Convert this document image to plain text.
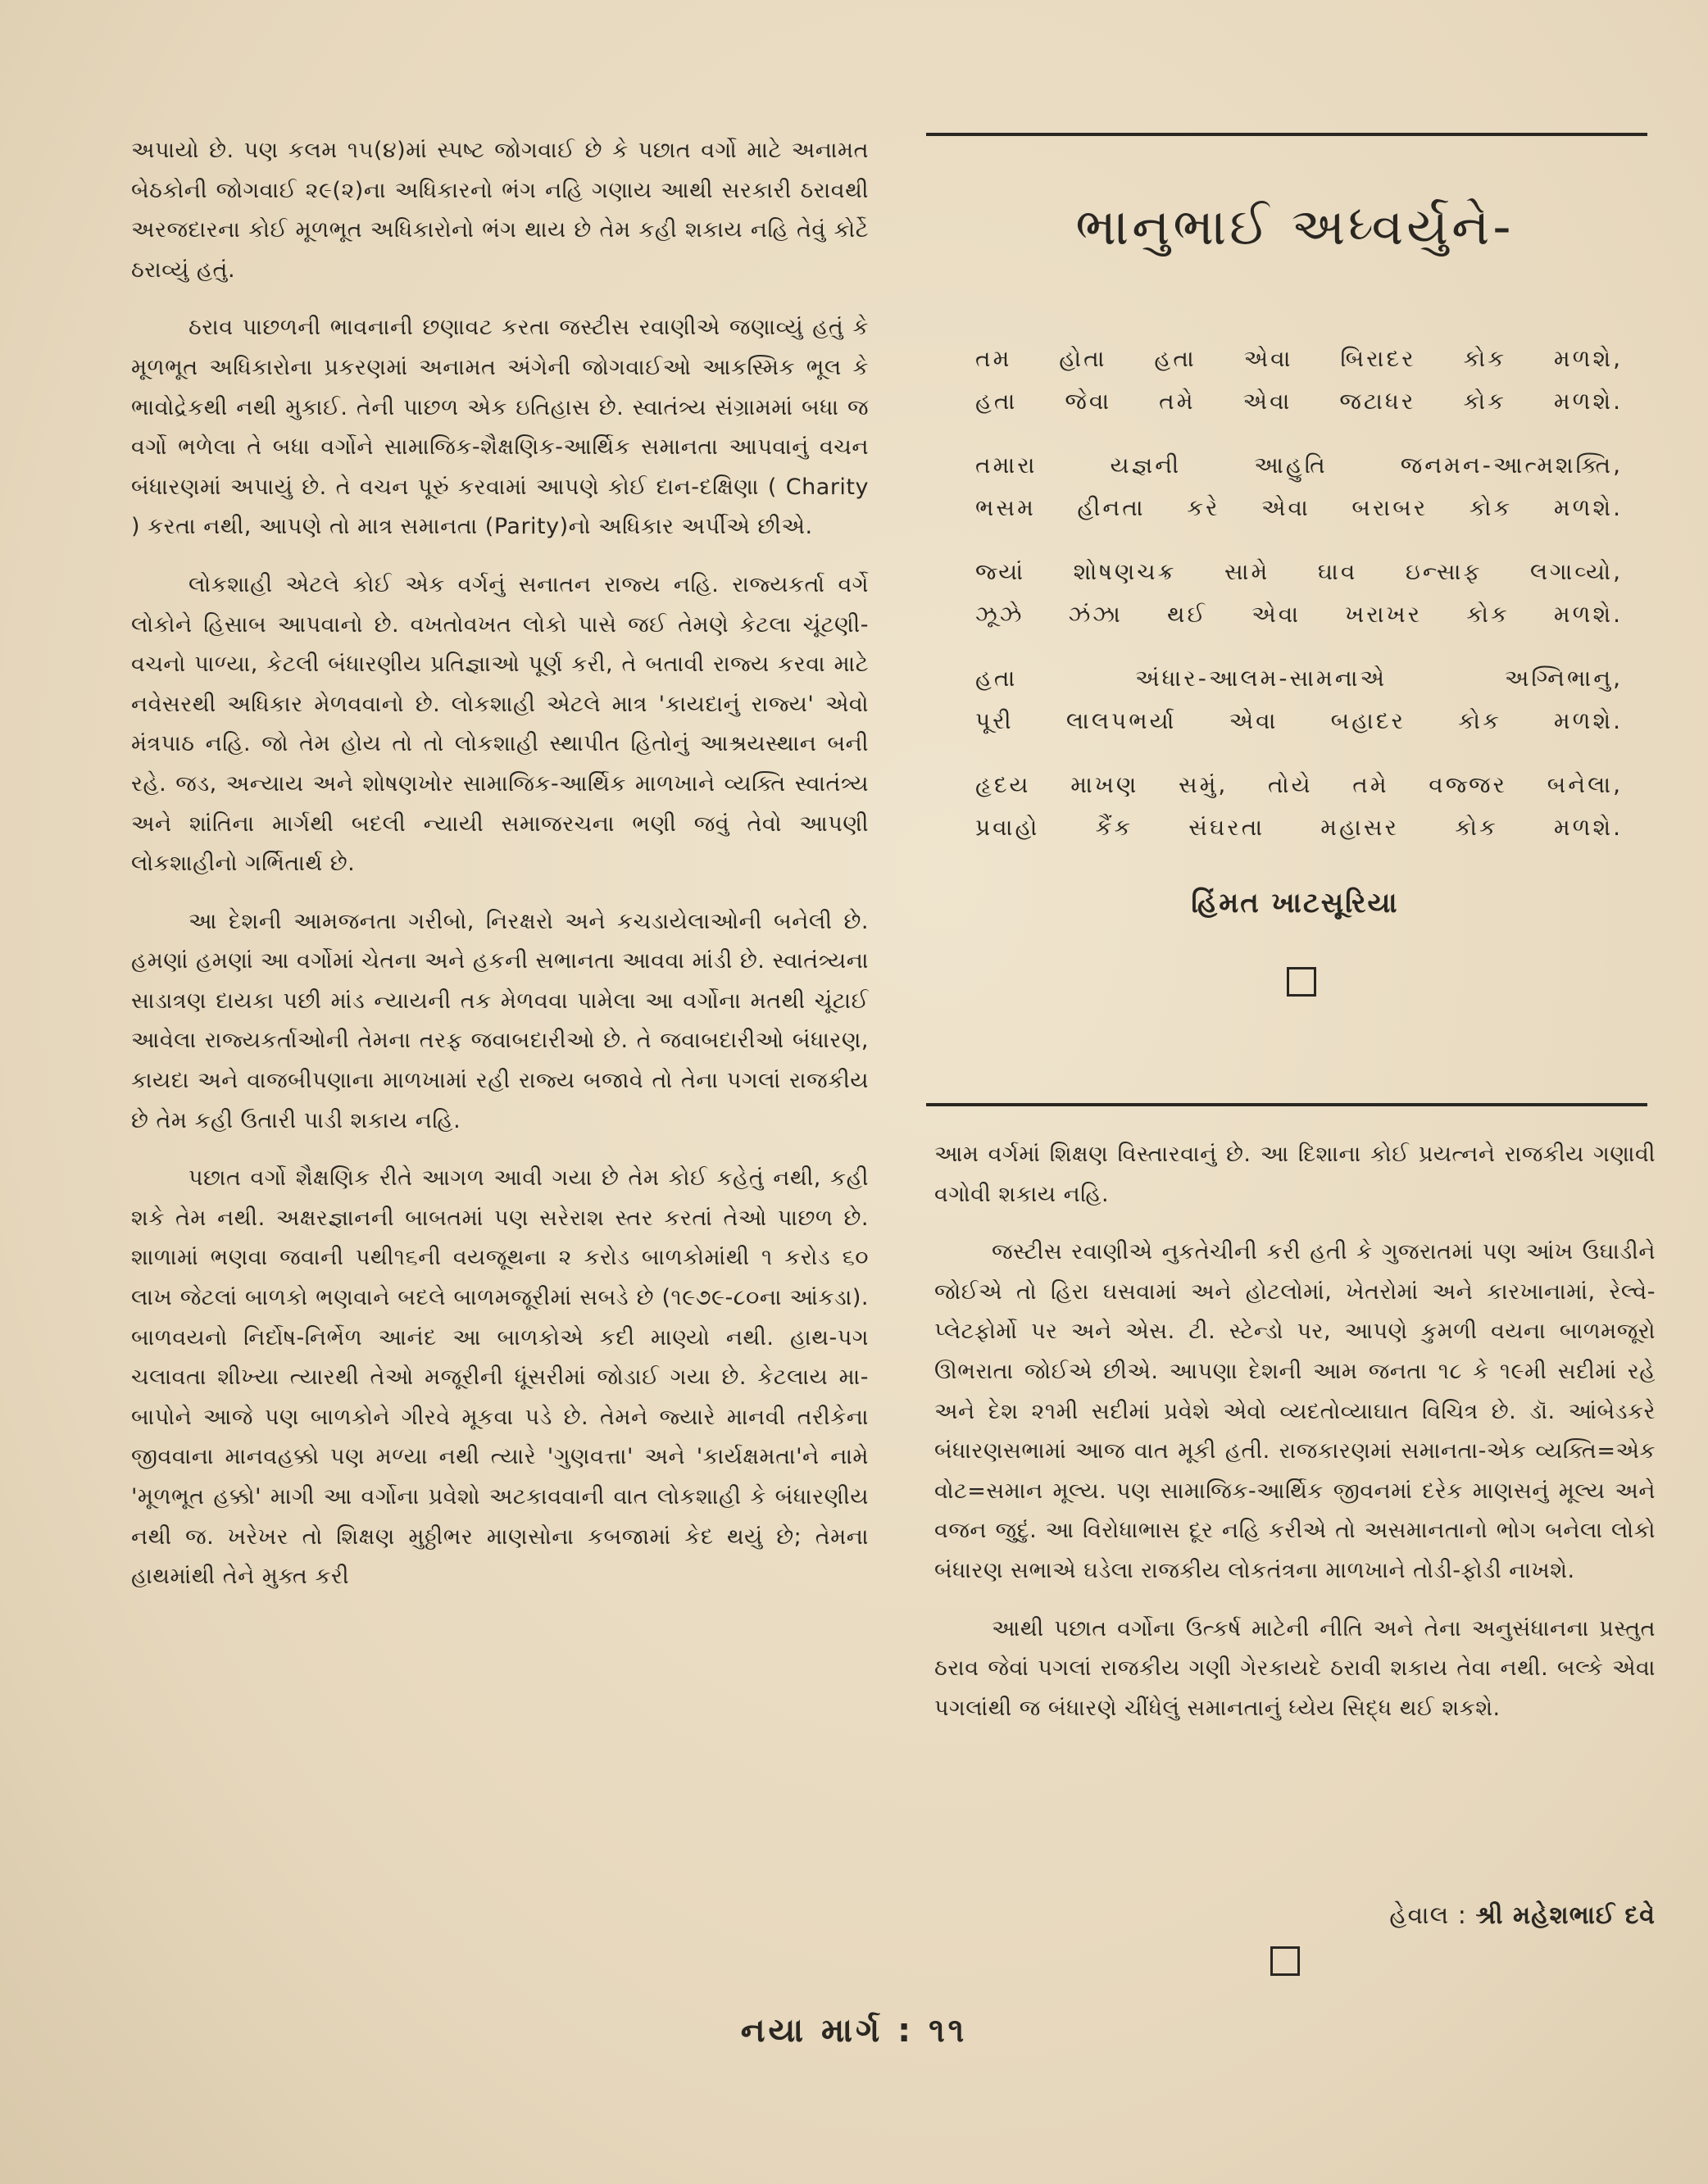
અપાયો છે. પણ કલમ ૧૫(૪)માં સ્પષ્ટ જોગવાઈ છે કે પછાત વર્ગો માટે અનામત બેઠકોની જોગવાઈ ૨૯(૨)ના અધિકારનો ભંગ નહિ ગણાય આથી સરકારી ઠરાવથી અરજદારના કોઈ મૂળભૂત અધિકારોનો ભંગ થાય છે તેમ કહી શકાય નહિ તેવું કોર્ટે ઠરાવ્યું હતું.

ઠરાવ પાછળની ભાવનાની છણાવટ કરતા જસ્ટીસ રવાણીએ જણાવ્યું હતું કે મૂળભૂત અધિકારોના પ્રકરણમાં અનામત અંગેની જોગવાઈઓ આકસ્મિક ભૂલ કે ભાવોદ્રેકથી નથી મુકાઈ. તેની પાછળ એક ઇતિહાસ છે. સ્વાતંત્ર્ય સંગ્રામમાં બધા જ વર્ગો ભળેલા તે બધા વર્ગોને સામાજિક-શૈક્ષણિક-આર્થિક સમાનતા આપવાનું વચન બંધારણમાં અપાયું છે. તે વચન પૂરું કરવામાં આપણે કોઈ દાન-દક્ષિણા ( Charity ) કરતા નથી, આપણે તો માત્ર સમાનતા (Parity)નો અધિકાર અર્પીએ છીએ.

લોકશાહી એટલે કોઈ એક વર્ગનું સનાતન રાજ્ય નહિ. રાજ્યકર્તા વર્ગે લોકોને હિસાબ આપવાનો છે. વખતોવખત લોકો પાસે જઈ તેમણે કેટલા ચૂંટણી-વચનો પાળ્યા, કેટલી બંધારણીય પ્રતિજ્ઞાઓ પૂર્ણ કરી, તે બતાવી રાજ્ય કરવા માટે નવેસરથી અધિકાર મેળવવાનો છે. લોકશાહી એટલે માત્ર 'કાયદાનું રાજ્ય' એવો મંત્રપાઠ નહિ. જો તેમ હોય તો તો લોકશાહી સ્થાપીત હિતોનું આશ્રયસ્થાન બની રહે. જડ, અન્યાય અને શોષણખોર સામાજિક-આર્થિક માળખાને વ્યક્તિ સ્વાતંત્ર્ય અને શાંતિના માર્ગથી બદલી ન્યાયી સમાજરચના ભણી જવું તેવો આપણી લોકશાહીનો ગર્ભિતાર્થ છે.

આ દેશની આમજનતા ગરીબો, નિરક્ષરો અને કચડાયેલાઓની બનેલી છે. હમણાં હમણાં આ વર્ગોમાં ચેતના અને હકની સભાનતા આવવા માંડી છે. સ્વાતંત્ર્યના સાડાત્રણ દાયકા પછી માંડ ન્યાયની તક મેળવવા પામેલા આ વર્ગોના મતથી ચૂંટાઈ આવેલા રાજ્યકર્તાઓની તેમના તરફ જવાબદારીઓ છે. તે જવાબદારીઓ બંધારણ, કાયદા અને વાજબીપણાના માળખામાં રહી રાજ્ય બજાવે તો તેના પગલાં રાજકીય છે તેમ કહી ઉતારી પાડી શકાય નહિ.

પછાત વર્ગો શૈક્ષણિક રીતે આગળ આવી ગયા છે તેમ કોઈ કહેતું નથી, કહી શકે તેમ નથી. અક્ષરજ્ઞાનની બાબતમાં પણ સરેરાશ સ્તર કરતાં તેઓ પાછળ છે. શાળામાં ભણવા જવાની પથી૧૬ની વયજૂથના ૨ કરોડ બાળકોમાંથી ૧ કરોડ ૬૦ લાખ જેટલાં બાળકો ભણવાને બદલે બાળમજૂરીમાં સબડે છે (૧૯૭૯-૮૦ના આંકડા). બાળવયનો નિર્દોષ-નિર્ભેળ આનંદ આ બાળકોએ કદી માણ્યો નથી. હાથ-પગ ચલાવતા શીખ્યા ત્યારથી તેઓ મજૂરીની ધૂંસરીમાં જોડાઈ ગયા છે. કેટલાય મા-બાપોને આજે પણ બાળકોને ગીરવે મૂકવા પડે છે. તેમને જ્યારે માનવી તરીકેના જીવવાના માનવહક્કો પણ મળ્યા નથી ત્યારે 'ગુણવત્તા' અને 'કાર્યક્ષમતા'ને નામે 'મૂળભૂત હક્કો' માગી આ વર્ગોના પ્રવેશો અટકાવવાની વાત લોકશાહી કે બંધારણીય નથી જ. ખરેખર તો શિક્ષણ મુઠ્ઠીભર માણસોના કબજામાં કેદ થયું છે; તેમના હાથમાંથી તેને મુક્ત કરી

ભાનુભાઈ અધ્વર્યુને-
તમ હોતા હતા એવા બિરાદર કોક મળશે,
હતા જેવા તમે એવા જટાધર કોક મળશે.
તમારા યજ્ઞની આહુતિ જનમન-આત્મશક્તિ,
ભસમ હીનતા કરે એવા બરાબર કોક મળશે.
જ્યાં શોષણચક્ર સામે ઘાવ ઇન્સાફ લગાવ્યો,
ઝૂઝે ઝંઝા થઈ એવા ખરાખર કોક મળશે.
હતા અંધાર-આલમ-સામનાએ અગ્નિભાનુ,
પૂરી લાલપભર્યા એવા બહાદર કોક મળશે.
હૃદય માખણ સમું, તોયે તમે વજ્જર બનેલા,
પ્રવાહો કૈંક સંઘરતા મહાસર કોક મળશે.
હિંમત ખાટસૂરિયા

આમ વર્ગમાં શિક્ષણ વિસ્તારવાનું છે. આ દિશાના કોઈ પ્રયત્નને રાજકીય ગણાવી વગોવી શકાય નહિ.

જસ્ટીસ રવાણીએ નુકતેચીની કરી હતી કે ગુજરાતમાં પણ આંખ ઉઘાડીને જોઈએ તો હિરા ઘસવામાં અને હોટલોમાં, ખેતરોમાં અને કારખાનામાં, રેલ્વે-પ્લેટફોર્મો પર અને એસ. ટી. સ્ટેન્ડો પર, આપણે કુમળી વયના બાળમજૂરો ઊભરાતા જોઈએ છીએ. આપણા દેશની આમ જનતા ૧૮ કે ૧૯મી સદીમાં રહે અને દેશ ૨૧મી સદીમાં પ્રવેશે એવો વ્યદતોવ્યાઘાત વિચિત્ર છે. ડૉ. આંબેડકરે બંધારણસભામાં આજ વાત મૂકી હતી. રાજકારણમાં સમાનતા-એક વ્યક્તિ=એક વોટ=સમાન મૂલ્ય. પણ સામાજિક-આર્થિક જીવનમાં દરેક માણસનું મૂલ્ય અને વજન જુદું. આ વિરોધાભાસ દૂર નહિ કરીએ તો અસમાનતાનો ભોગ બનેલા લોકો બંધારણ સભાએ ઘડેલા રાજકીય લોકતંત્રના માળખાને તોડી-ફોડી નાખશે.

આથી પછાત વર્ગોના ઉત્કર્ષ માટેની નીતિ અને તેના અનુસંધાનના પ્રસ્તુત ઠરાવ જેવાં પગલાં રાજકીય ગણી ગેરકાયદે ઠરાવી શકાય તેવા નથી. બલ્કે એવા પગલાંથી જ બંધારણે ચીંધેલું સમાનતાનું ધ્યેય સિદ્ધ થઈ શકશે.

હેવાલ : શ્રી મહેશભાઈ દવે
નયા માર્ગ : ૧૧
